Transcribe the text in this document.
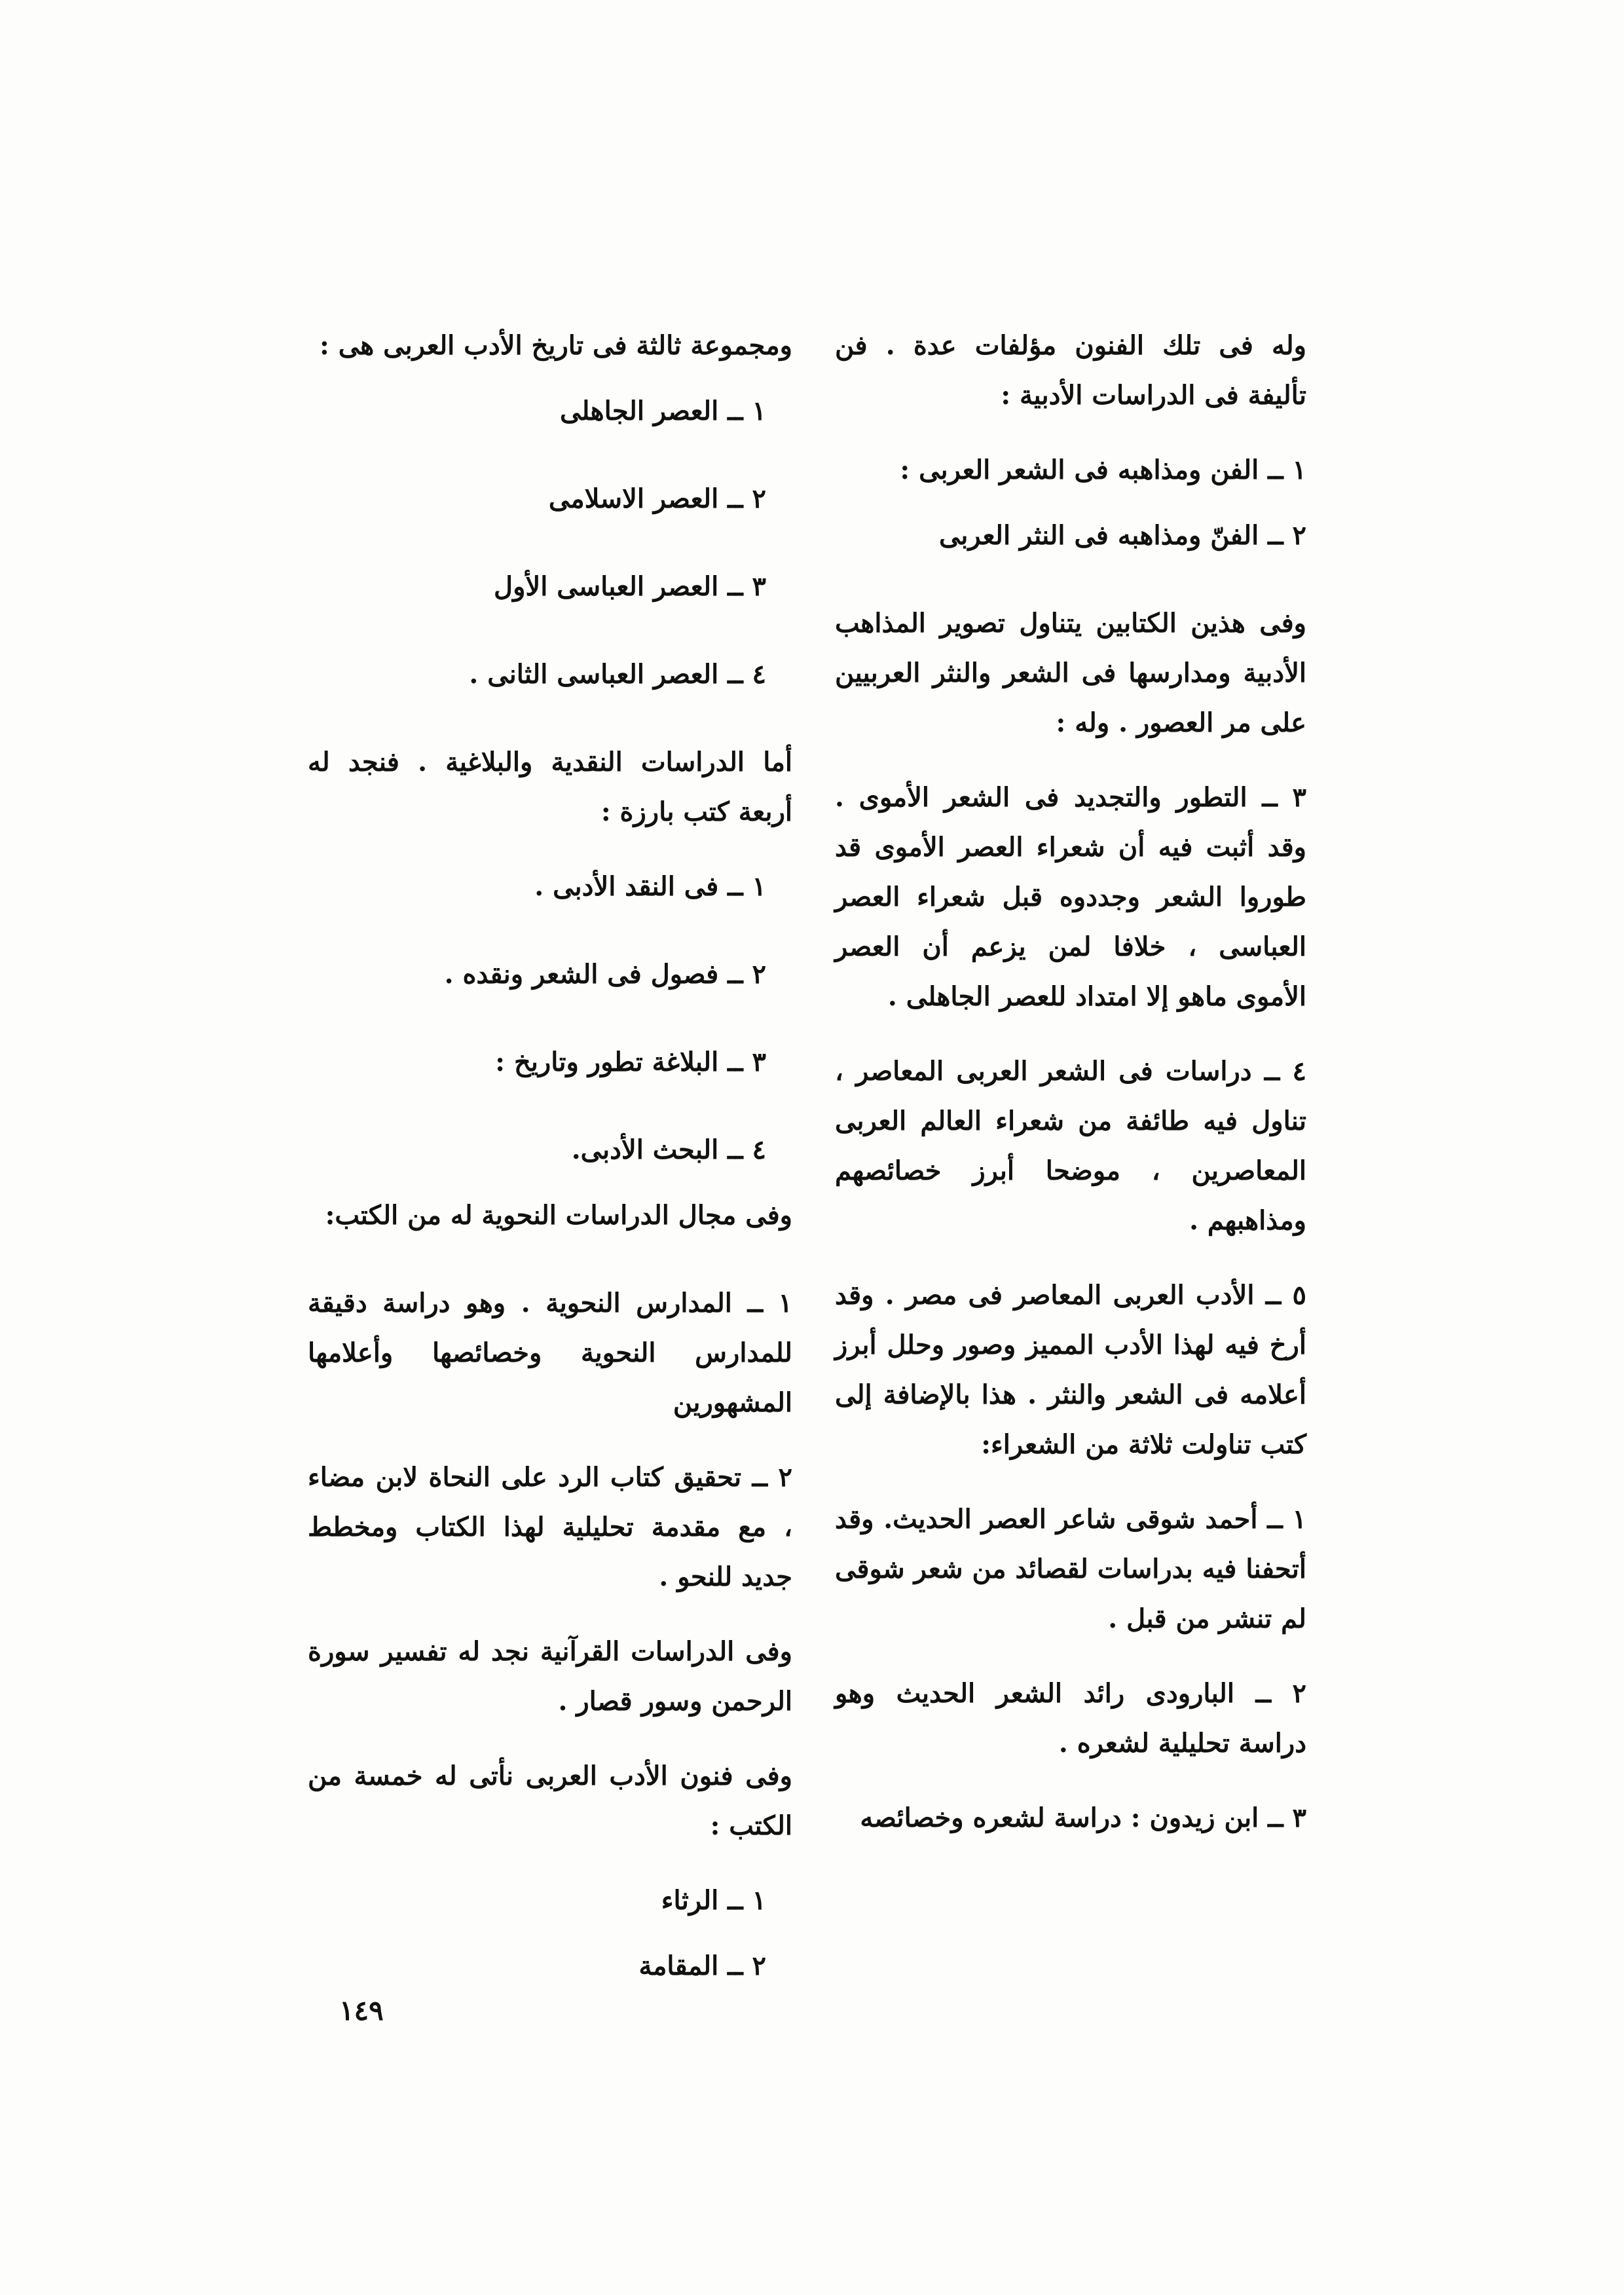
وله فى تلك الفنون مؤلفات عدة . فن تأليفة فى الدراسات الأدبية :

١ ــ الفن ومذاهبه فى الشعر العربى :

٢ ــ الفنّ ومذاهبه فى النثر العربى

وفى هذين الكتابين يتناول تصوير المذاهب الأدبية ومدارسها فى الشعر والنثر العربيين على مر العصور . وله :

٣ ــ التطور والتجديد فى الشعر الأموى . وقد أثبت فيه أن شعراء العصر الأموى قد طوروا الشعر وجددوه قبل شعراء العصر العباسى ، خلافا لمن يزعم أن العصر الأموى ماهو إلا امتداد للعصر الجاهلى .

٤ ــ دراسات فى الشعر العربى المعاصر ، تناول فيه طائفة من شعراء العالم العربى المعاصرين ، موضحا أبرز خصائصهم ومذاهبهم .

٥ ــ الأدب العربى المعاصر فى مصر . وقد أرخ فيه لهذا الأدب المميز وصور وحلل أبرز أعلامه فى الشعر والنثر . هذا بالإضافة إلى كتب تناولت ثلاثة من الشعراء:

١ ــ أحمد شوقى شاعر العصر الحديث. وقد أتحفنا فيه بدراسات لقصائد من شعر شوقى لم تنشر من قبل .

٢ ــ البارودى رائد الشعر الحديث وهو دراسة تحليلية لشعره .

٣ ــ ابن زيدون : دراسة لشعره وخصائصه

ومجموعة ثالثة فى تاريخ الأدب العربى هى :

١ ــ العصر الجاهلى

٢ ــ العصر الاسلامى

٣ ــ العصر العباسى الأول

٤ ــ العصر العباسى الثانى .

أما الدراسات النقدية والبلاغية . فنجد له أربعة كتب بارزة :

١ ــ فى النقد الأدبى .

٢ ــ فصول فى الشعر ونقده .

٣ ــ البلاغة تطور وتاريخ :

٤ ــ البحث الأدبى.

وفى مجال الدراسات النحوية له من الكتب:

١ ــ المدارس النحوية . وهو دراسة دقيقة للمدارس النحوية وخصائصها وأعلامها المشهورين

٢ ــ تحقيق كتاب الرد على النحاة لابن مضاء ، مع مقدمة تحليلية لهذا الكتاب ومخطط جديد للنحو .

وفى الدراسات القرآنية نجد له تفسير سورة الرحمن وسور قصار .

وفى فنون الأدب العربى نأتى له خمسة من الكتب :

١ ــ الرثاء

٢ ــ المقامة

١٤٩
